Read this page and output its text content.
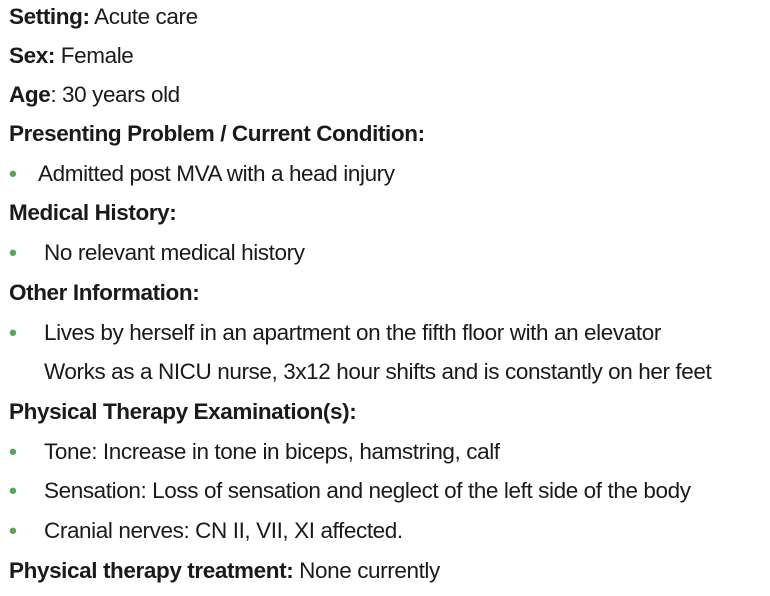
Setting: Acute care
Sex: Female
Age: 30 years old
Presenting Problem / Current Condition:
• Admitted post MVA with a head injury
Medical History:
• No relevant medical history
Other Information:
• Lives by herself in an apartment on the fifth floor with an elevator
Works as a NICU nurse, 3x12 hour shifts and is constantly on her feet
Physical Therapy Examination(s):
• Tone: Increase in tone in biceps, hamstring, calf
• Sensation: Loss of sensation and neglect of the left side of the body
• Cranial nerves: CN II, VII, XI affected.
Physical therapy treatment: None currently
